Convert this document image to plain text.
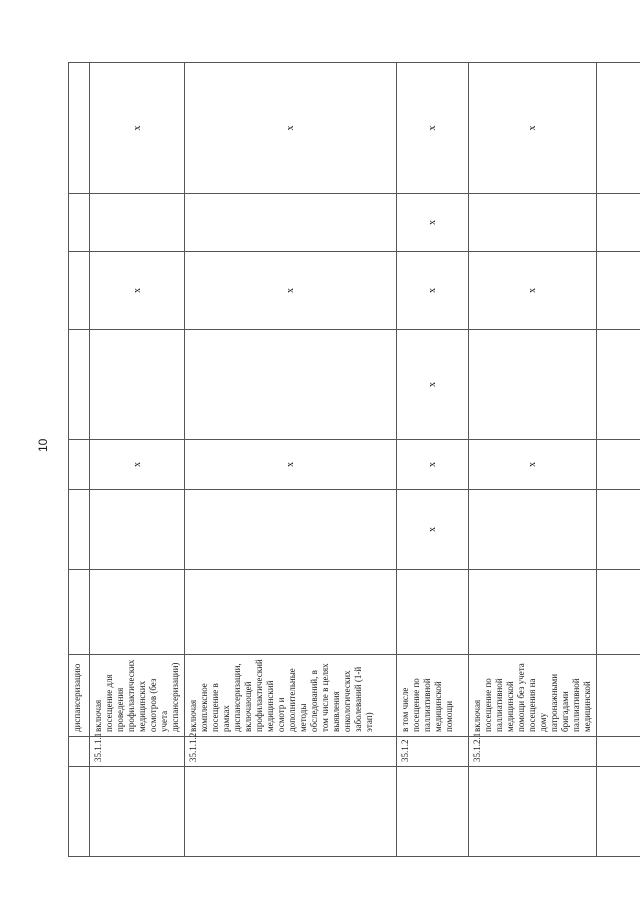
10
		диспансеризацию							
	35.1.1.1	включая посещение для проведения профилактических медицинских осмотров (без учета диспансеризации)			x		x		x
	35.1.1.2	включая комплексное посещение в рамках диспансеризации, включающей профилактический медицинский осмотр и дополнительные методы обследований, в том числе в целях выявления онкологических заболеваний (1-й этап)			x		x		x
	35.1.2	в том числе посещение по паллиативной медицинской помощи		x	x	x	x	x	x
	35.1.2.1	включая посещение по паллиативной медицинской помощи без учета посещения на дому патронажными бригадами паллиативной медицинской			x		x		x
